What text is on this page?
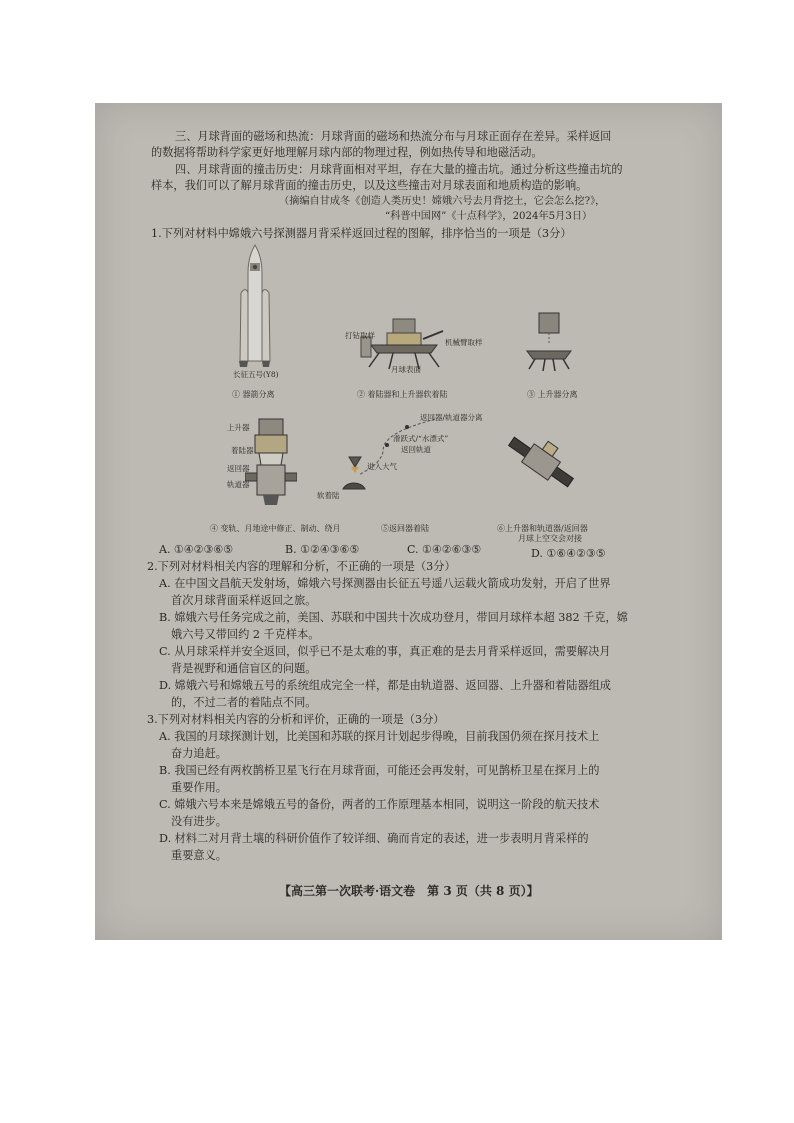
三、月球背面的磁场和热流：月球背面的磁场和热流分布与月球正面存在差异。采样返回
的数据将帮助科学家更好地理解月球内部的物理过程，例如热传导和地磁活动。
四、月球背面的撞击历史：月球背面相对平坦，存在大量的撞击坑。通过分析这些撞击坑的
样本，我们可以了解月球背面的撞击历史，以及这些撞击对月球表面和地质构造的影响。
（摘编自甘成冬《创造人类历史！嫦娥六号去月背挖土，它会怎么挖?》，
“科普中国网”《十点科学》，2024年5月3日）
1.下列对材料中嫦娥六号探测器月背采样返回过程的图解，排序恰当的一项是（3分）
长征五号(Y8)
① 器箭分离
打钻取样
机械臂取样
月球表面
② 着陆器和上升器软着陆	③ 上升器分离
上升器
着陆器
返回器
轨道器
④ 变轨、月地途中修正、制动、绕月
返回器/轨道器分离
滑跃式/“水漂式”
返回轨道
进入大气
软着陆
⑤返回器着陆	⑥上升器和轨道器/返回器
月球上空交会对接
A. ①④②③⑥⑤	B. ①②④③⑥⑤	C. ①④②⑥③⑤	D. ①⑥④②③⑤
2.下列对材料相关内容的理解和分析，不正确的一项是（3分）
A. 在中国文昌航天发射场，嫦娥六号探测器由长征五号遥八运载火箭成功发射，开启了世界
首次月球背面采样返回之旅。
B. 嫦娥六号任务完成之前，美国、苏联和中国共十次成功登月，带回月球样本超 382 千克，嫦
娥六号又带回约 2 千克样本。
C. 从月球采样并安全返回，似乎已不是太难的事，真正难的是去月背采样返回，需要解决月
背是视野和通信盲区的问题。
D. 嫦娥六号和嫦娥五号的系统组成完全一样，都是由轨道器、返回器、上升器和着陆器组成
的，不过二者的着陆点不同。
3.下列对材料相关内容的分析和评价，正确的一项是（3分）
A. 我国的月球探测计划，比美国和苏联的探月计划起步得晚，目前我国仍须在探月技术上
奋力追赶。
B. 我国已经有两枚鹊桥卫星飞行在月球背面，可能还会再发射，可见鹊桥卫星在探月上的
重要作用。
C. 嫦娥六号本来是嫦娥五号的备份，两者的工作原理基本相同，说明这一阶段的航天技术
没有进步。
D. 材料二对月背土壤的科研价值作了较详细、确而肯定的表述，进一步表明月背采样的
重要意义。
【高三第一次联考·语文卷　第 3 页（共 8 页）】
